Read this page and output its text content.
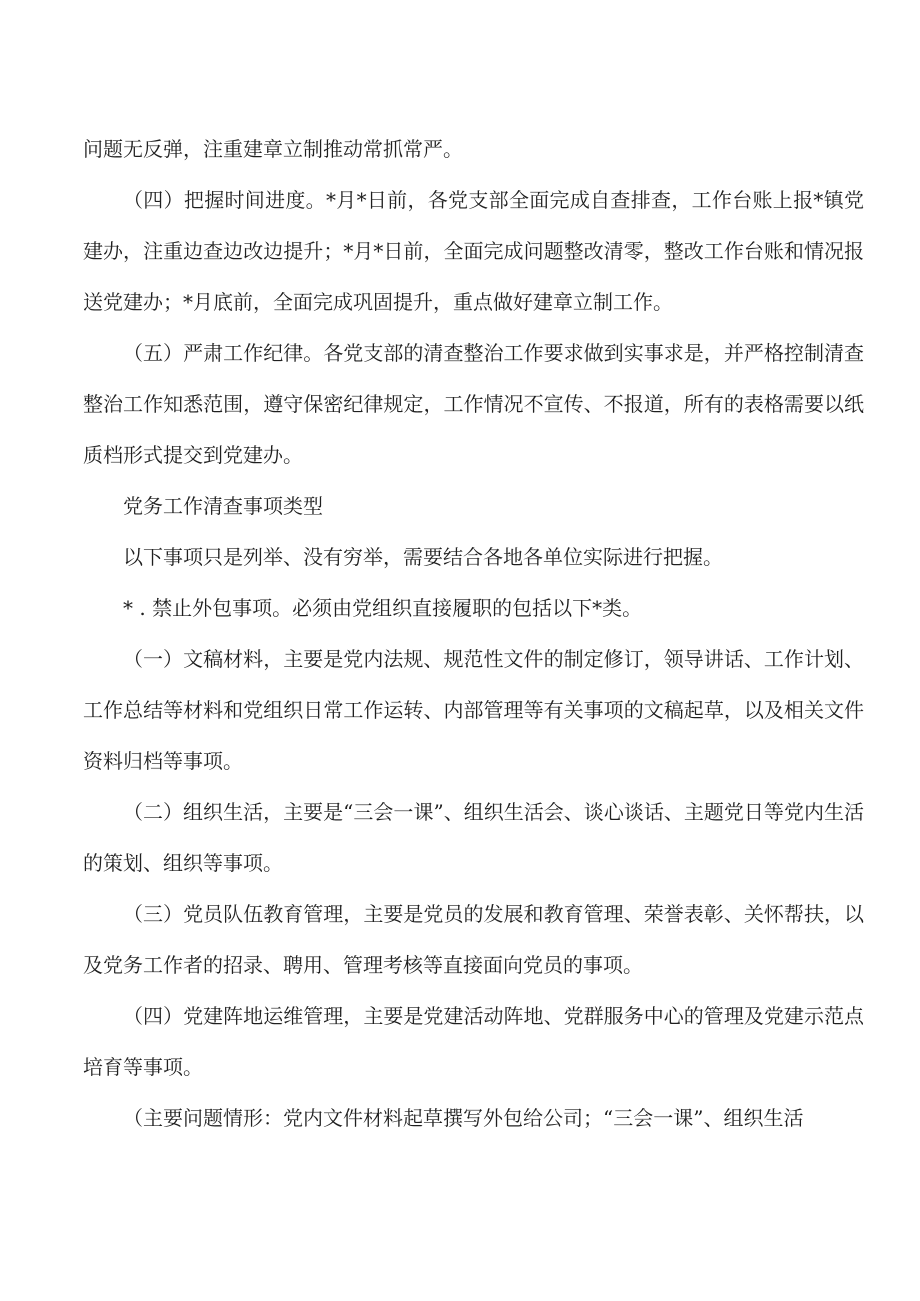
问题无反弹，注重建章立制推动常抓常严。

（四）把握时间进度。*月*日前，各党支部全面完成自查排查，工作台账上报*镇党建办，注重边查边改边提升；*月*日前，全面完成问题整改清零，整改工作台账和情况报送党建办；*月底前，全面完成巩固提升，重点做好建章立制工作。

（五）严肃工作纪律。各党支部的清查整治工作要求做到实事求是，并严格控制清查整治工作知悉范围，遵守保密纪律规定，工作情况不宣传、不报道，所有的表格需要以纸质档形式提交到党建办。

党务工作清查事项类型

以下事项只是列举、没有穷举，需要结合各地各单位实际进行把握。

* . 禁止外包事项。必须由党组织直接履职的包括以下*类。

（一）文稿材料，主要是党内法规、规范性文件的制定修订，领导讲话、工作计划、工作总结等材料和党组织日常工作运转、内部管理等有关事项的文稿起草，以及相关文件资料归档等事项。

（二）组织生活，主要是“三会一课”、组织生活会、谈心谈话、主题党日等党内生活的策划、组织等事项。

（三）党员队伍教育管理，主要是党员的发展和教育管理、荣誉表彰、关怀帮扶，以及党务工作者的招录、聘用、管理考核等直接面向党员的事项。

（四）党建阵地运维管理，主要是党建活动阵地、党群服务中心的管理及党建示范点培育等事项。

（主要问题情形：党内文件材料起草撰写外包给公司；“三会一课”、组织生活
